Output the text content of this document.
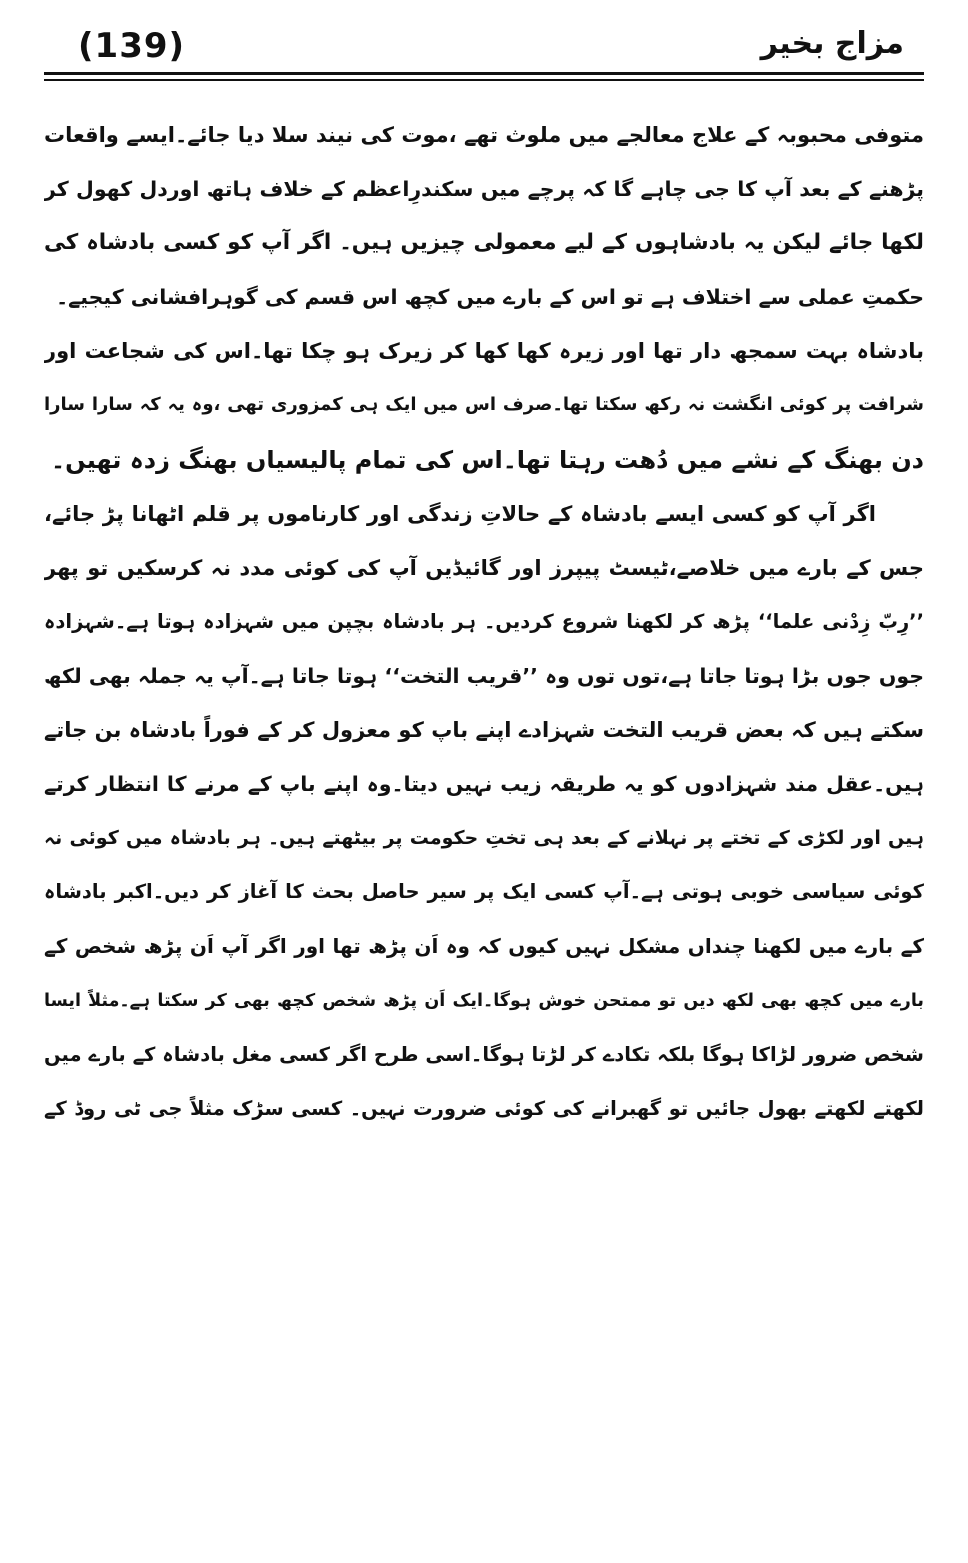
(139)	مزاج بخیر
متوفی محبوبہ کے علاج معالجے میں ملوث تھے ،موت کی نیند سلا دیا جائے۔ایسے واقعات
پڑھنے کے بعد آپ کا جی چاہے گا کہ پرچے میں سکندرِاعظم کے خلاف ہاتھ اوردل کھول کر
لکھا جائے لیکن یہ بادشاہوں کے لیے معمولی چیزیں ہیں۔ اگر آپ کو کسی بادشاہ کی
حکمتِ عملی سے اختلاف ہے تو اس کے بارے میں کچھ اس قسم کی گوہرافشانی کیجیے۔
بادشاہ بہت سمجھ دار تھا اور زیرہ کھا کھا کر زیرک ہو چکا تھا۔اس کی شجاعت اور
شرافت پر کوئی انگشت نہ رکھ سکتا تھا۔صرف اس میں ایک ہی کمزوری تھی ،وہ یہ کہ سارا سارا
دن بھنگ کے نشے میں دُھت رہتا تھا۔اس کی تمام پالیسیاں بھنگ زدہ تھیں۔
اگر آپ کو کسی ایسے بادشاہ کے حالاتِ زندگی اور کارناموں پر قلم اٹھانا پڑ جائے،
جس کے بارے میں خلاصے،ٹیسٹ پیپرز اور گائیڈیں آپ کی کوئی مدد نہ کرسکیں تو پھر
’’رِبّ زِدْنی علما‘‘ پڑھ کر لکھنا شروع کردیں۔ ہر بادشاہ بچپن میں شہزادہ ہوتا ہے۔شہزادہ
جوں جوں بڑا ہوتا جاتا ہے،توں توں وہ ’’قریب التخت‘‘ ہوتا جاتا ہے۔آپ یہ جملہ بھی لکھ
سکتے ہیں کہ بعض قریب التخت شہزادے اپنے باپ کو معزول کر کے فوراً بادشاہ بن جاتے
ہیں۔عقل مند شہزادوں کو یہ طریقہ زیب نہیں دیتا۔وہ اپنے باپ کے مرنے کا انتظار کرتے
ہیں اور لکڑی کے تختے پر نہلانے کے بعد ہی تختِ حکومت پر بیٹھتے ہیں۔ ہر بادشاہ میں کوئی نہ
کوئی سیاسی خوبی ہوتی ہے۔آپ کسی ایک پر سیر حاصل بحث کا آغاز کر دیں۔اکبر بادشاہ
کے بارے میں لکھنا چنداں مشکل نہیں کیوں کہ وہ اَن پڑھ تھا اور اگر آپ اَن پڑھ شخص کے
بارے میں کچھ بھی لکھ دیں تو ممتحن خوش ہوگا۔ایک اَن پڑھ شخص کچھ بھی کر سکتا ہے۔مثلاً ایسا
شخص ضرور لڑاکا ہوگا بلکہ تکادے کر لڑتا ہوگا۔اسی طرح اگر کسی مغل بادشاہ کے بارے میں
لکھتے لکھتے بھول جائیں تو گھبرانے کی کوئی ضرورت نہیں۔ کسی سڑک مثلاً جی ٹی روڈ کے
